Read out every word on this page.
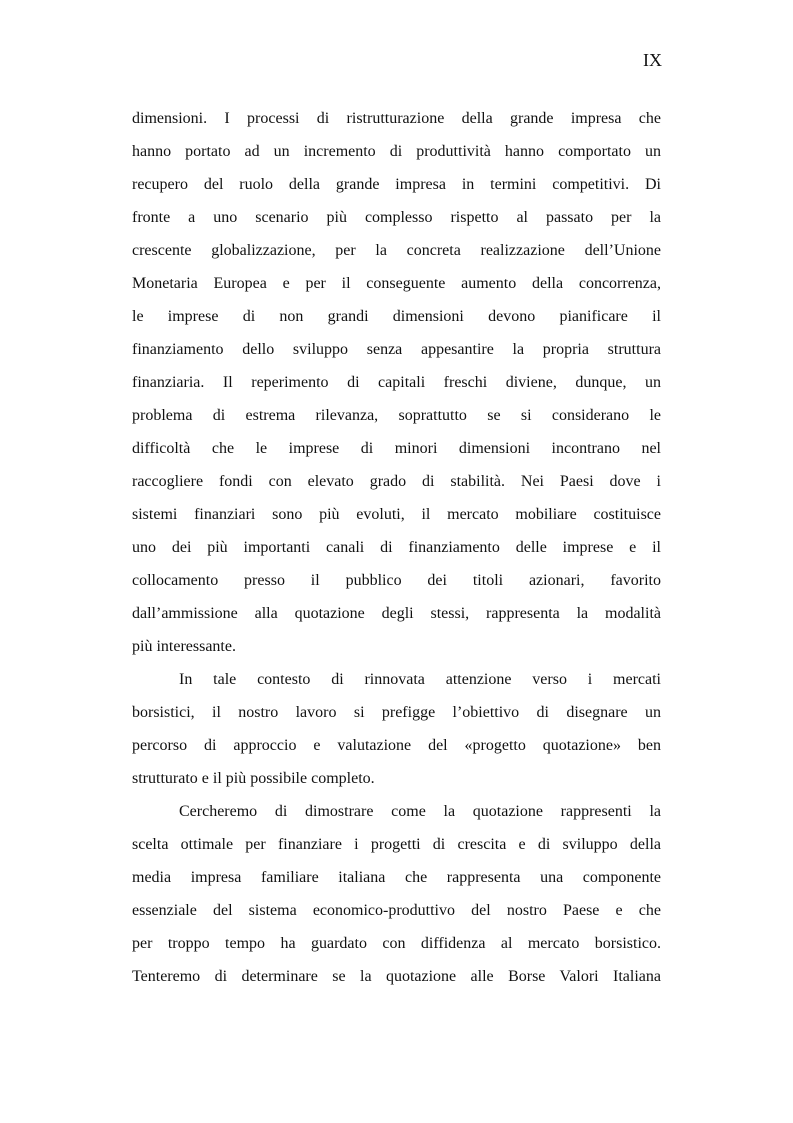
IX
dimensioni. I processi di ristrutturazione della grande impresa che
hanno portato ad un incremento di produttività hanno comportato un
recupero del ruolo della grande impresa in termini competitivi. Di
fronte a uno scenario più complesso rispetto al passato per la
crescente globalizzazione, per la concreta realizzazione dell’Unione
Monetaria Europea e per il conseguente aumento della concorrenza,
le imprese di non grandi dimensioni devono pianificare il
finanziamento dello sviluppo senza appesantire la propria struttura
finanziaria. Il reperimento di capitali freschi diviene, dunque, un
problema di estrema rilevanza, soprattutto se si considerano le
difficoltà che le imprese di minori dimensioni incontrano nel
raccogliere fondi con elevato grado di stabilità. Nei Paesi dove i
sistemi finanziari sono più evoluti, il mercato mobiliare costituisce
uno dei più importanti canali di finanziamento delle imprese e il
collocamento presso il pubblico dei titoli azionari, favorito
dall’ammissione alla quotazione degli stessi, rappresenta la modalità
più interessante.
In tale contesto di rinnovata attenzione verso i mercati
borsistici, il nostro lavoro si prefigge l’obiettivo di disegnare un
percorso di approccio e valutazione del «progetto quotazione» ben
strutturato e il più possibile completo.
Cercheremo di dimostrare come la quotazione rappresenti la
scelta ottimale per finanziare i progetti di crescita e di sviluppo della
media impresa familiare italiana che rappresenta una componente
essenziale del sistema economico-produttivo del nostro Paese e che
per troppo tempo ha guardato con diffidenza al mercato borsistico.
Tenteremo di determinare se la quotazione alle Borse Valori Italiana
